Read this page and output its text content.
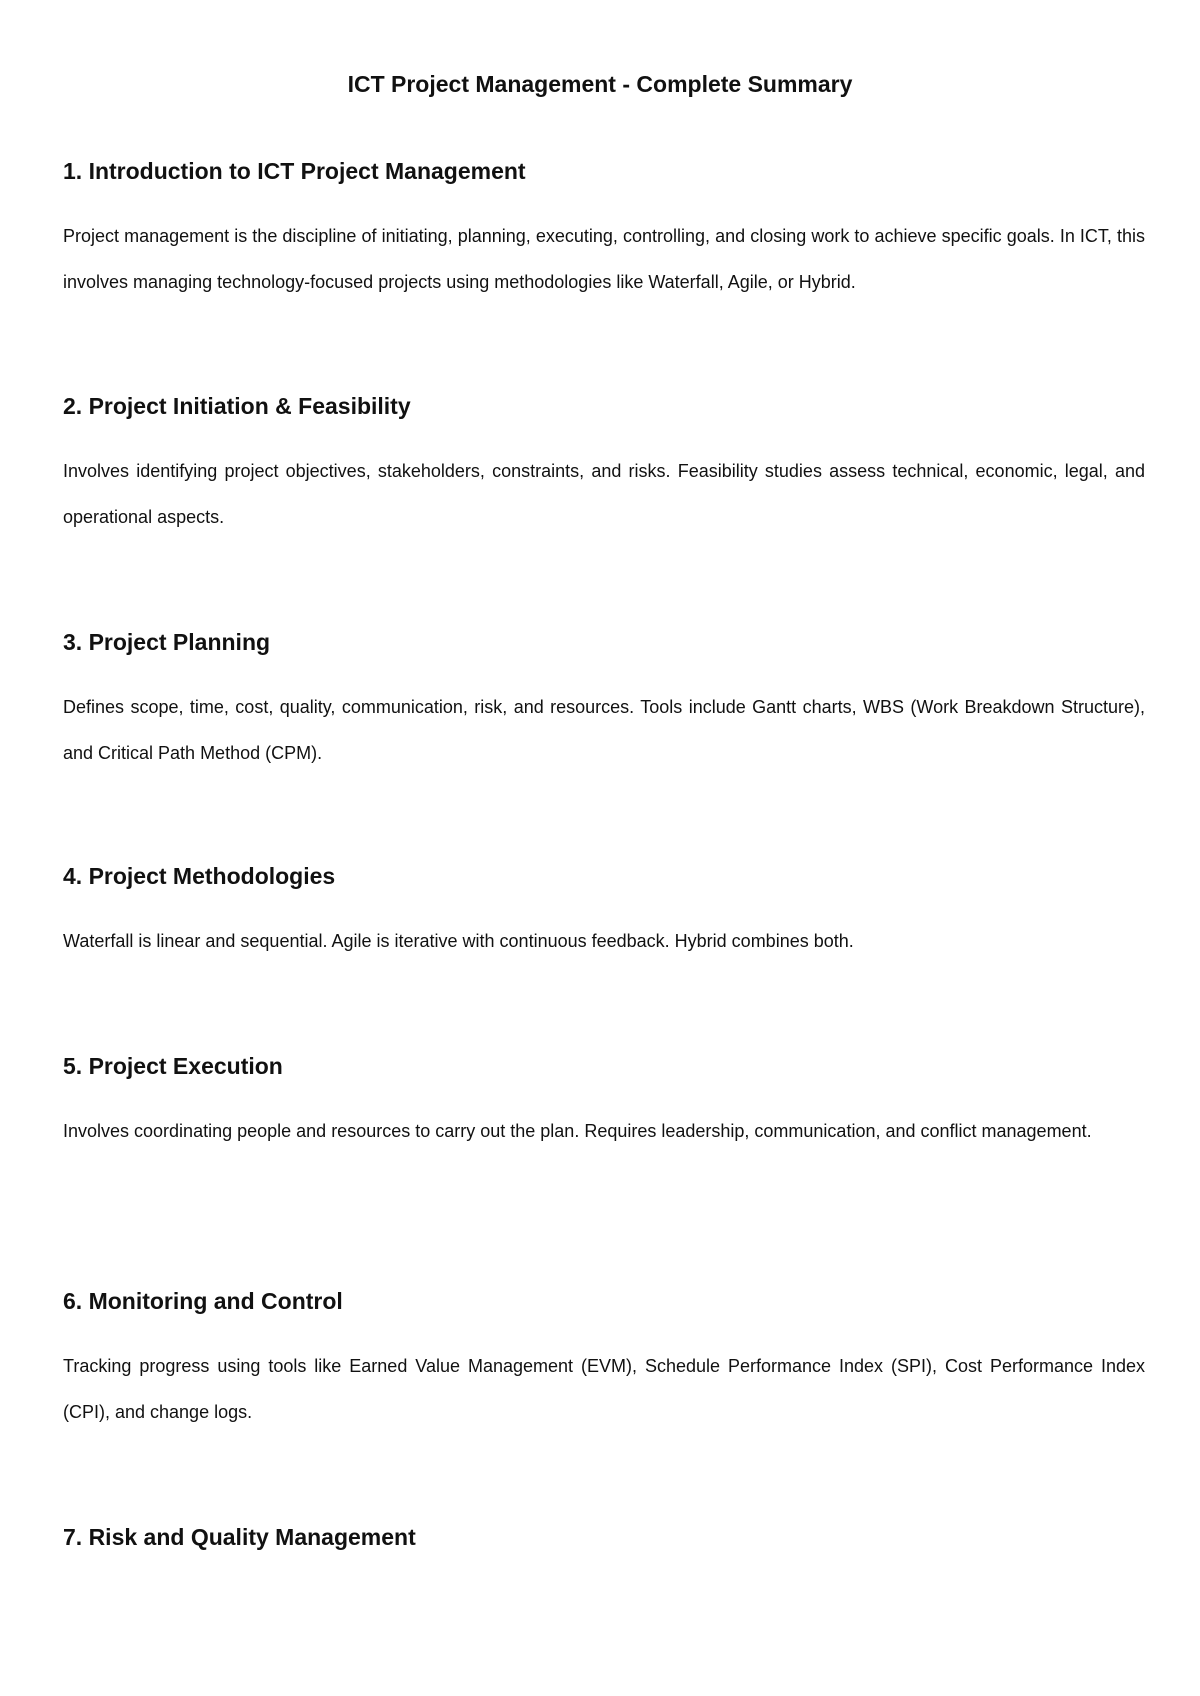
ICT Project Management - Complete Summary
1. Introduction to ICT Project Management

Project management is the discipline of initiating, planning, executing, controlling, and closing work to achieve specific goals. In ICT, this involves managing technology-focused projects using methodologies like Waterfall, Agile, or Hybrid.

2. Project Initiation & Feasibility

Involves identifying project objectives, stakeholders, constraints, and risks. Feasibility studies assess technical, economic, legal, and operational aspects.

3. Project Planning

Defines scope, time, cost, quality, communication, risk, and resources. Tools include Gantt charts, WBS (Work Breakdown Structure), and Critical Path Method (CPM).

4. Project Methodologies

Waterfall is linear and sequential. Agile is iterative with continuous feedback. Hybrid combines both.

5. Project Execution

Involves coordinating people and resources to carry out the plan. Requires leadership, communication, and conflict management.

6. Monitoring and Control

Tracking progress using tools like Earned Value Management (EVM), Schedule Performance Index (SPI), Cost Performance Index (CPI), and change logs.

7. Risk and Quality Management
